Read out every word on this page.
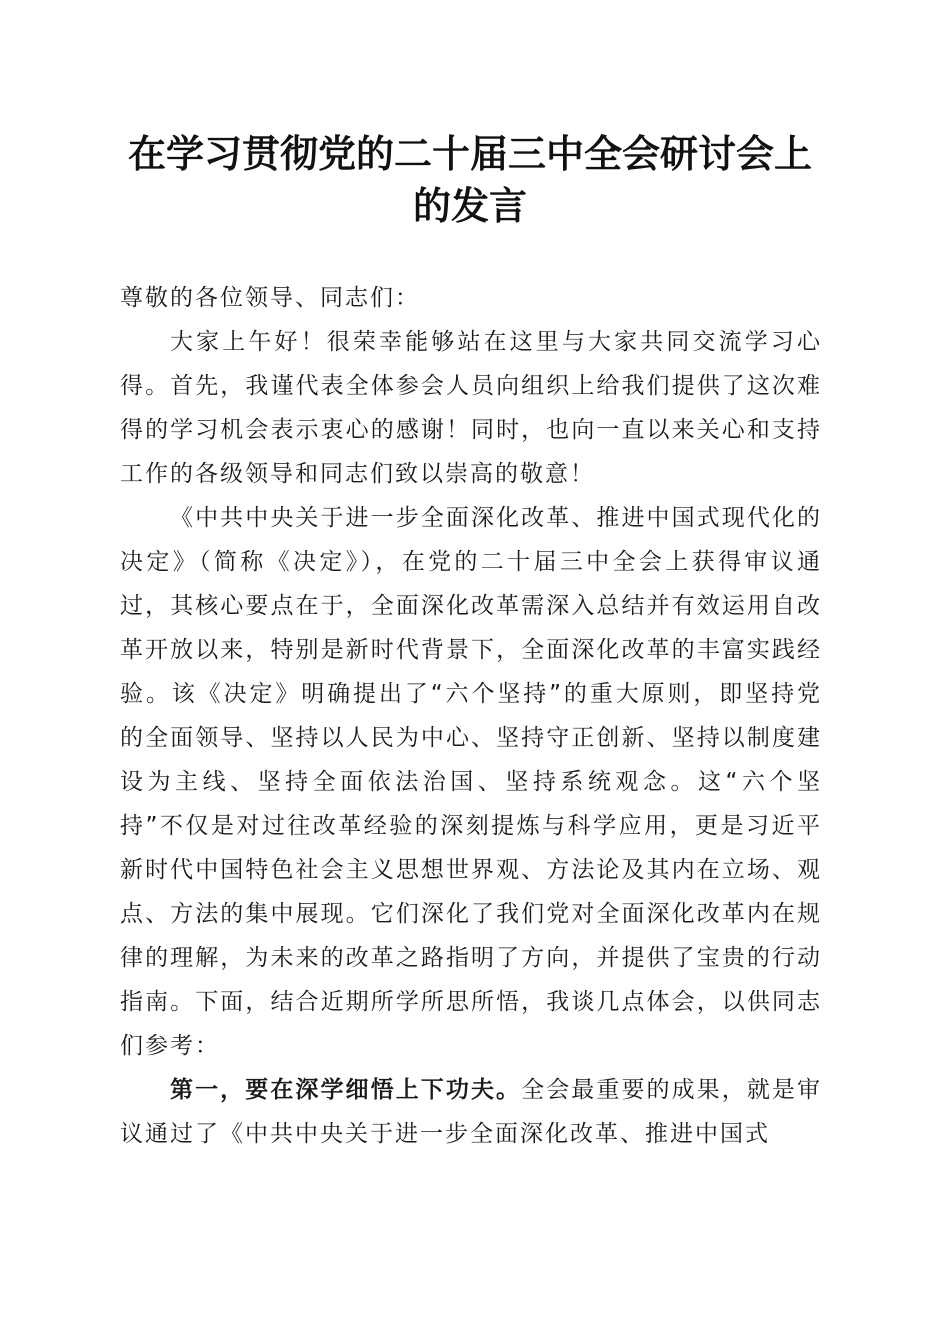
在学习贯彻党的二十届三中全会研讨会上的发言

尊敬的各位领导、同志们：

大家上午好！很荣幸能够站在这里与大家共同交流学习心得。首先，我谨代表全体参会人员向组织上给我们提供了这次难得的学习机会表示衷心的感谢！同时，也向一直以来关心和支持工作的各级领导和同志们致以崇高的敬意！

《中共中央关于进一步全面深化改革、推进中国式现代化的决定》（简称《决定》），在党的二十届三中全会上获得审议通过，其核心要点在于，全面深化改革需深入总结并有效运用自改革开放以来，特别是新时代背景下，全面深化改革的丰富实践经验。该《决定》明确提出了“六个坚持”的重大原则，即坚持党的全面领导、坚持以人民为中心、坚持守正创新、坚持以制度建设为主线、坚持全面依法治国、坚持系统观念。这“六个坚持”不仅是对过往改革经验的深刻提炼与科学应用，更是习近平新时代中国特色社会主义思想世界观、方法论及其内在立场、观点、方法的集中展现。它们深化了我们党对全面深化改革内在规律的理解，为未来的改革之路指明了方向，并提供了宝贵的行动指南。下面，结合近期所学所思所悟，我谈几点体会，以供同志们参考：

第一，要在深学细悟上下功夫。全会最重要的成果，就是审议通过了《中共中央关于进一步全面深化改革、推进中国式
